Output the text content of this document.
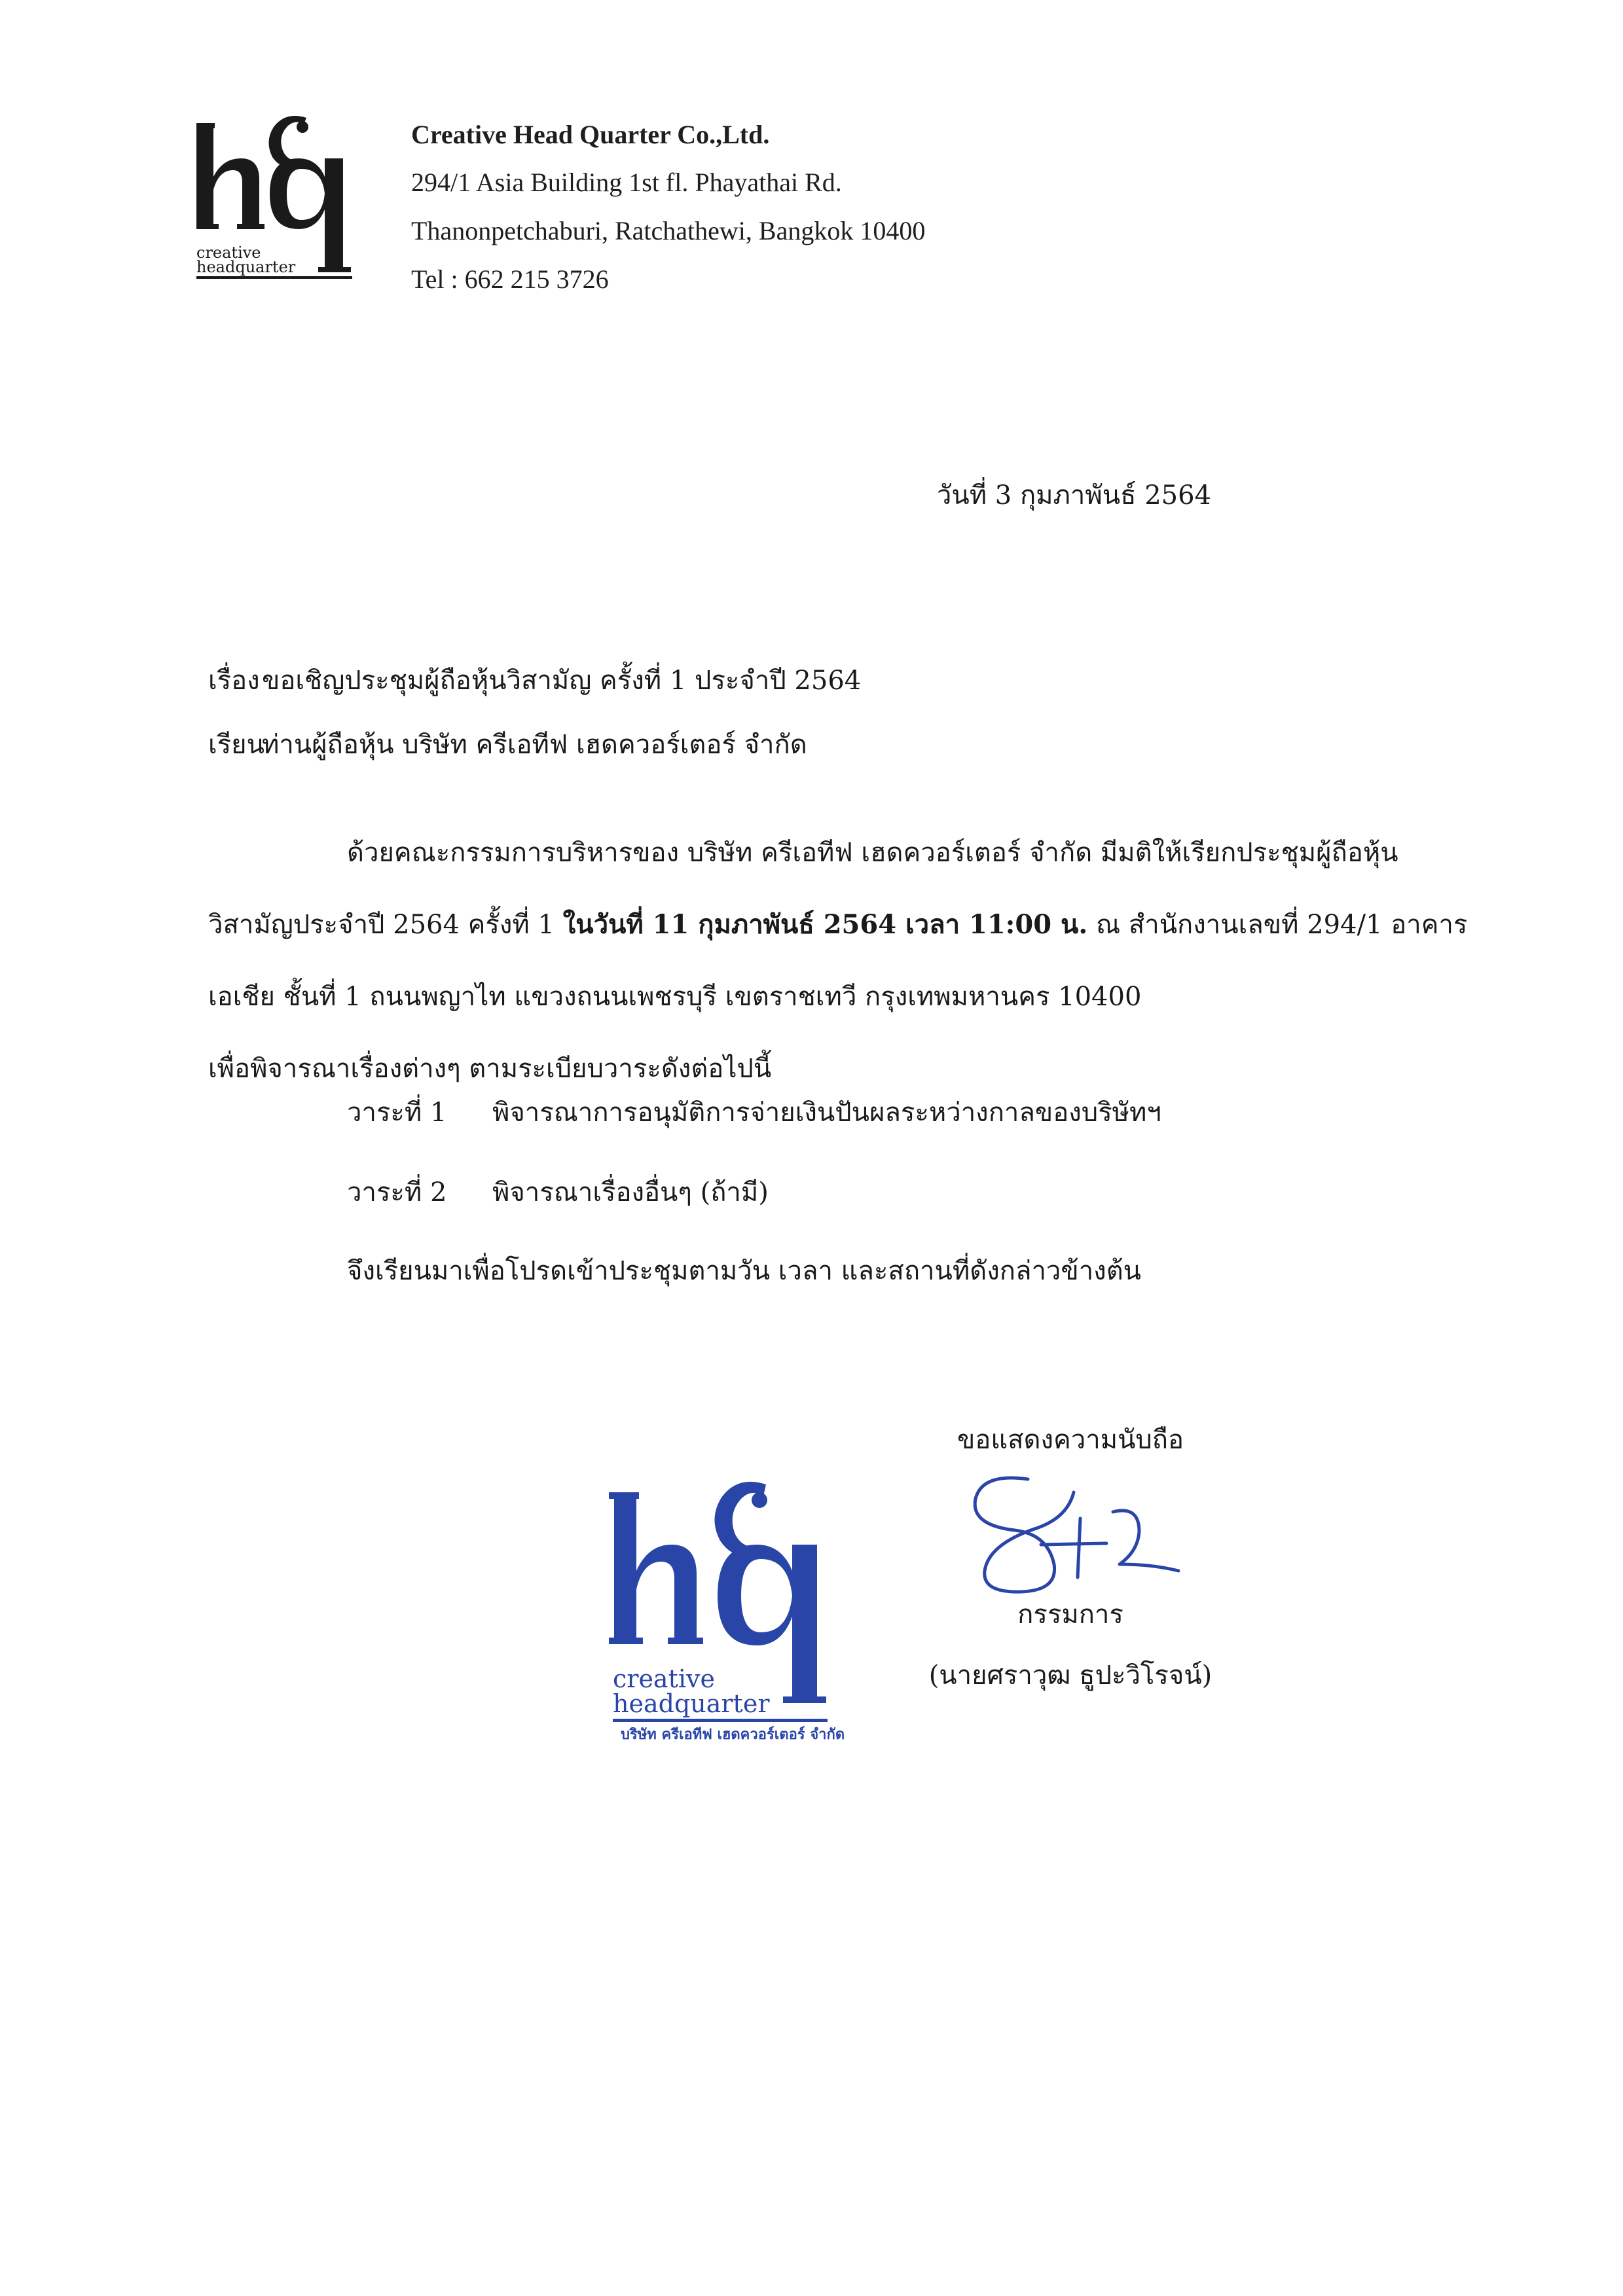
creative
headquarter
Creative Head Quarter Co.,Ltd.
294/1 Asia Building 1st fl. Phayathai Rd.
Thanonpetchaburi, Ratchathewi, Bangkok 10400
Tel : 662 215 3726
วันที่ 3 กุมภาพันธ์ 2564
เรื่องขอเชิญประชุมผู้ถือหุ้นวิสามัญ ครั้งที่ 1 ประจำปี 2564
เรียนท่านผู้ถือหุ้น บริษัท ครีเอทีฟ เฮดควอร์เตอร์ จำกัด
ด้วยคณะกรรมการบริหารของ บริษัท ครีเอทีฟ เฮดควอร์เตอร์ จำกัด มีมติให้เรียกประชุมผู้ถือหุ้น
วิสามัญประจำปี 2564 ครั้งที่ 1 ในวันที่ 11 กุมภาพันธ์ 2564 เวลา 11:00 น. ณ สำนักงานเลขที่ 294/1 อาคาร
เอเชีย ชั้นที่ 1 ถนนพญาไท แขวงถนนเพชรบุรี เขตราชเทวี กรุงเทพมหานคร 10400
เพื่อพิจารณาเรื่องต่างๆ ตามระเบียบวาระดังต่อไปนี้
วาระที่ 1 พิจารณาการอนุมัติการจ่ายเงินปันผลระหว่างกาลของบริษัทฯ
วาระที่ 2 พิจารณาเรื่องอื่นๆ (ถ้ามี)
จึงเรียนมาเพื่อโปรดเข้าประชุมตามวัน เวลา และสถานที่ดังกล่าวข้างต้น
ขอแสดงความนับถือ
creative
headquarter
บริษัท ครีเอทีฟ เฮดควอร์เตอร์ จำกัด
กรรมการ
(นายศราวุฒ ธูปะวิโรจน์)
